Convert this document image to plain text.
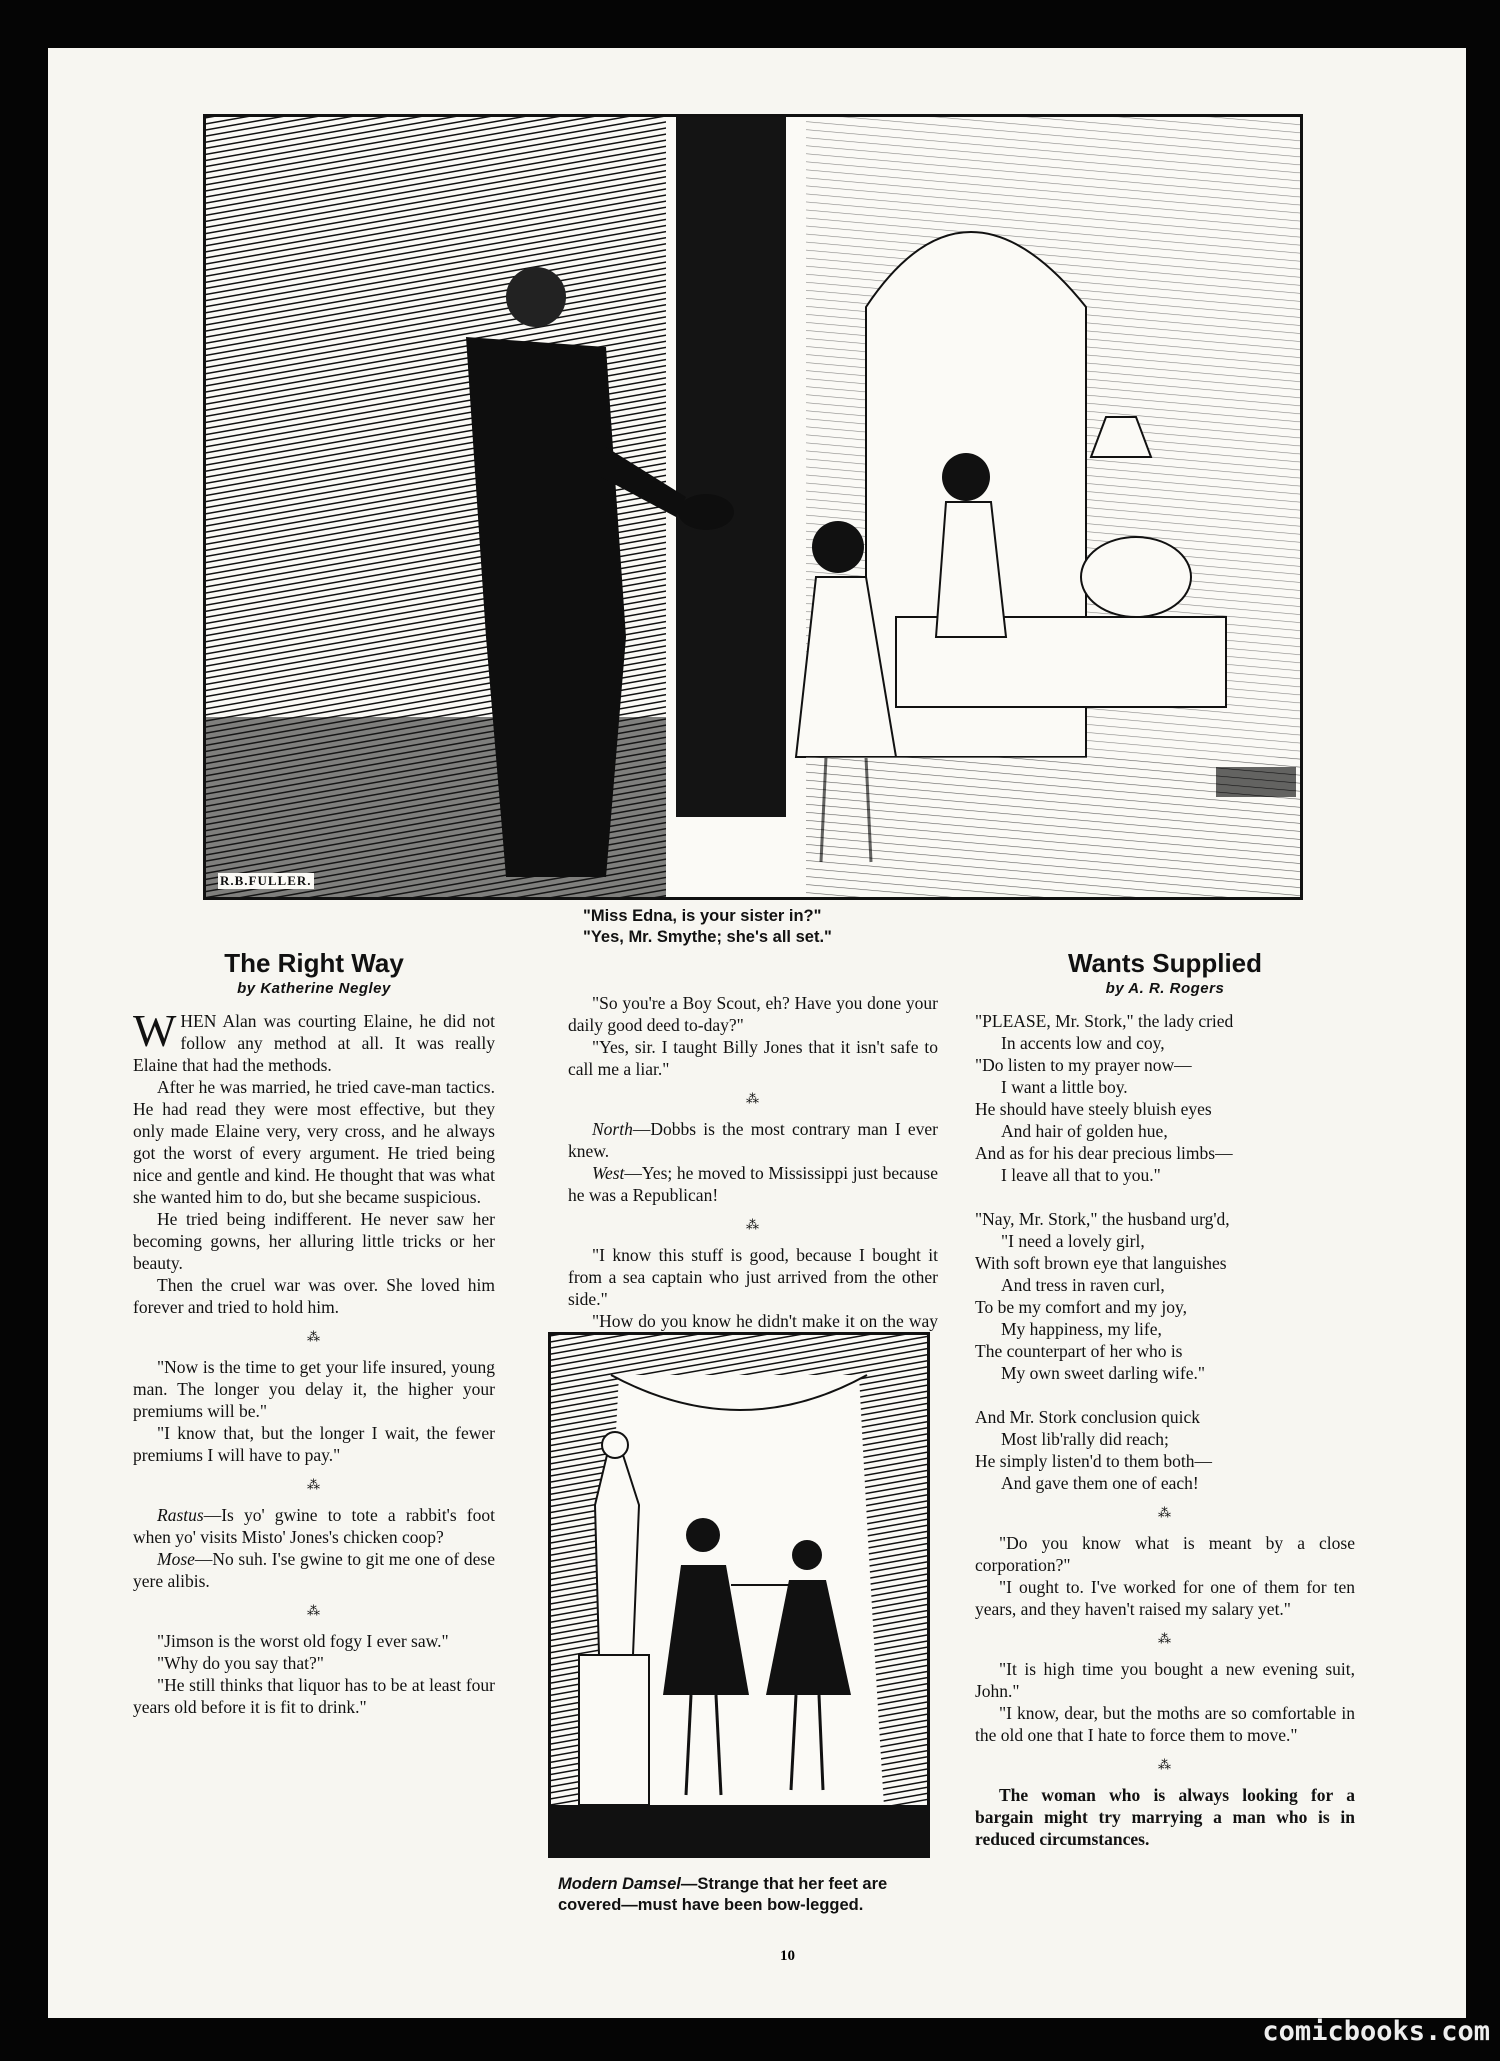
R.B.FULLER.
"Miss Edna, is your sister in?"
"Yes, Mr. Smythe; she's all set."
The Right Way
by Katherine Negley

WHEN Alan was courting Elaine, he did not follow any method at all. It was really Elaine that had the methods.

After he was married, he tried cave-man tactics. He had read they were most effective, but they only made Elaine very, very cross, and he always got the worst of every argument. He tried being nice and gentle and kind. He thought that was what she wanted him to do, but she became suspicious.

He tried being indifferent. He never saw her becoming gowns, her alluring little tricks or her beauty.

Then the cruel war was over. She loved him forever and tried to hold him.

⁂

"Now is the time to get your life insured, young man. The longer you delay it, the higher your premiums will be."

"I know that, but the longer I wait, the fewer premiums I will have to pay."

⁂

Rastus—Is yo' gwine to tote a rabbit's foot when yo' visits Misto' Jones's chicken coop?

Mose—No suh. I'se gwine to git me one of dese yere alibis.

⁂

"Jimson is the worst old fogy I ever saw."

"Why do you say that?"

"He still thinks that liquor has to be at least four years old before it is fit to drink."

"So you're a Boy Scout, eh? Have you done your daily good deed to-day?"

"Yes, sir. I taught Billy Jones that it isn't safe to call me a liar."

⁂

North—Dobbs is the most contrary man I ever knew.

West—Yes; he moved to Mississippi just because he was a Republican!

⁂

"I know this stuff is good, because I bought it from a sea captain who just arrived from the other side."

"How do you know he didn't make it on the way

Modern Damsel—Strange that her feet are covered—must have been bow-legged.
Wants Supplied
by A. R. Rogers
"PLEASE, Mr. Stork," the lady cried
In accents low and coy,
"Do listen to my prayer now—
I want a little boy.
He should have steely bluish eyes
And hair of golden hue,
And as for his dear precious limbs—
I leave all that to you."
"Nay, Mr. Stork," the husband urg'd,
"I need a lovely girl,
With soft brown eye that languishes
And tress in raven curl,
To be my comfort and my joy,
My happiness, my life,
The counterpart of her who is
My own sweet darling wife."
And Mr. Stork conclusion quick
Most lib'rally did reach;
He simply listen'd to them both—
And gave them one of each!
⁂

"Do you know what is meant by a close corporation?"

"I ought to. I've worked for one of them for ten years, and they haven't raised my salary yet."

⁂

"It is high time you bought a new evening suit, John."

"I know, dear, but the moths are so comfortable in the old one that I hate to force them to move."

⁂

The woman who is always looking for a bargain might try marrying a man who is in reduced circumstances.

10
comicbooks.com
